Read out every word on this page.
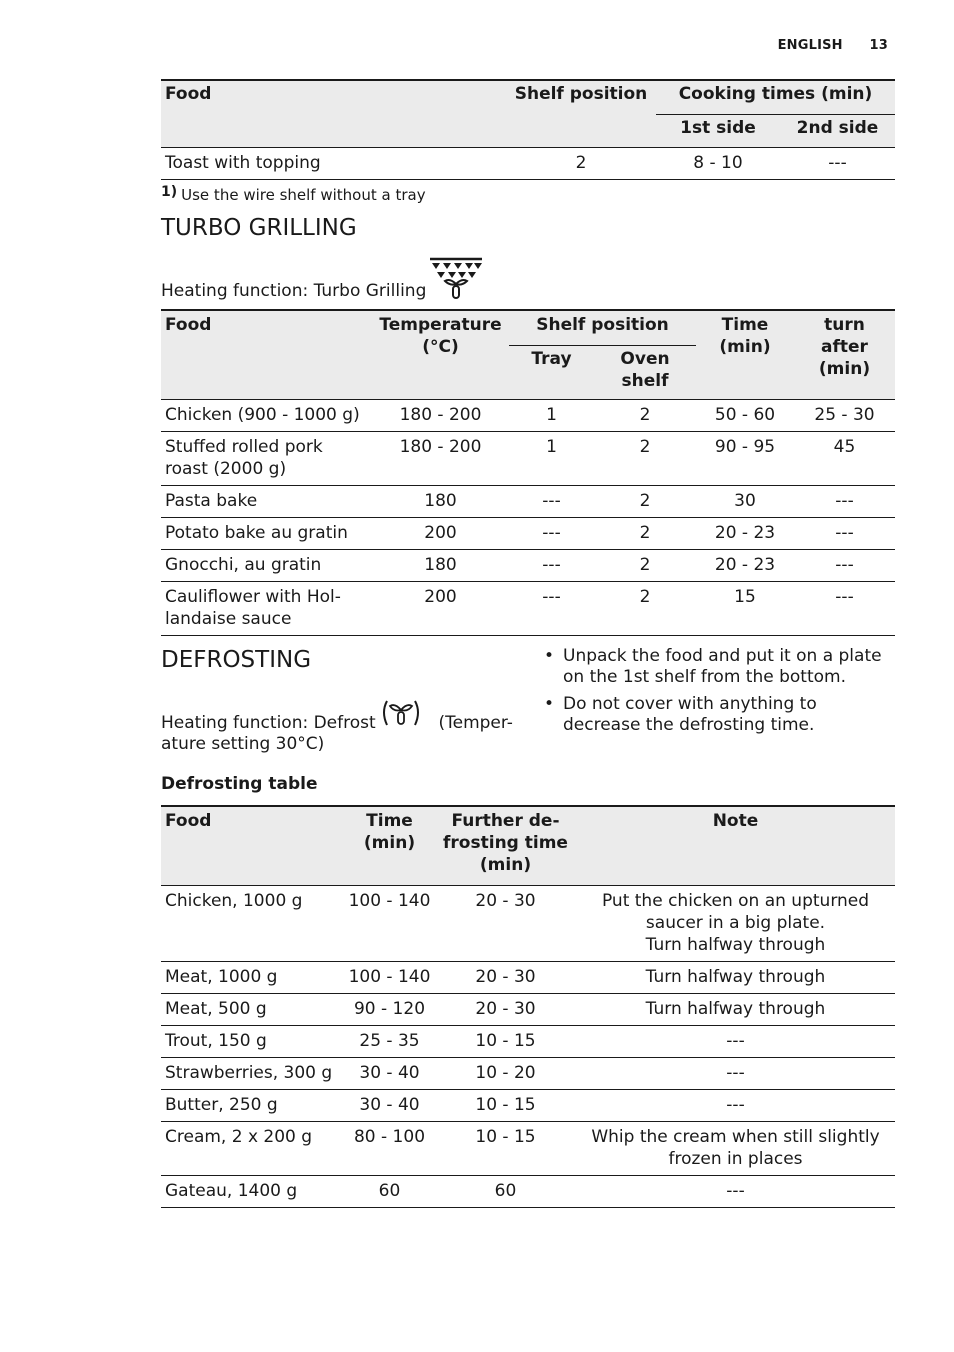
ENGLISH 13
Food	Shelf position	Cooking times (min)	
		1st side	2nd side
Toast with topping	2	8 - 10	---
$^{1)}$ Use the wire shelf without a tray
TURBO GRILLING
Heating function: Turbo Grilling
Food	Temperature (°C)	Shelf position		Time (min)	turn after (min)
		Tray	Oven shelf		
Chicken (900 - 1000 g)	180 - 200	1	2	50 - 60	25 - 30
Stuffed rolled pork roast (2000 g)	180 - 200	1	2	90 - 95	45
Pasta bake	180	---	2	30	---
Potato bake au gratin	200	---	2	20 - 23	---
Gnocchi, au gratin	180	---	2	20 - 23	---
Cauliflower with Hol-landaise sauce	200	---	2	15	---
DEFROSTING
Heating function: Defrost	(Temper-
ature setting 30°C)
• Unpack the food and put it on a plate on the 1st shelf from the bottom.
• Do not cover with anything to decrease the defrosting time.
Defrosting table
Food	Time (min)	Further de-frosting time (min)	Note
Chicken, 1000 g	100 - 140	20 - 30	Put the chicken on an upturned saucer in a big plate.
Turn halfway through
Meat, 1000 g	100 - 140	20 - 30	Turn halfway through
Meat, 500 g	90 - 120	20 - 30	Turn halfway through
Trout, 150 g	25 - 35	10 - 15	---
Strawberries, 300 g	30 - 40	10 - 20	---
Butter, 250 g	30 - 40	10 - 15	---
Cream, 2 x 200 g	80 - 100	10 - 15	Whip the cream when still slightly frozen in places
Gateau, 1400 g	60	60	---
